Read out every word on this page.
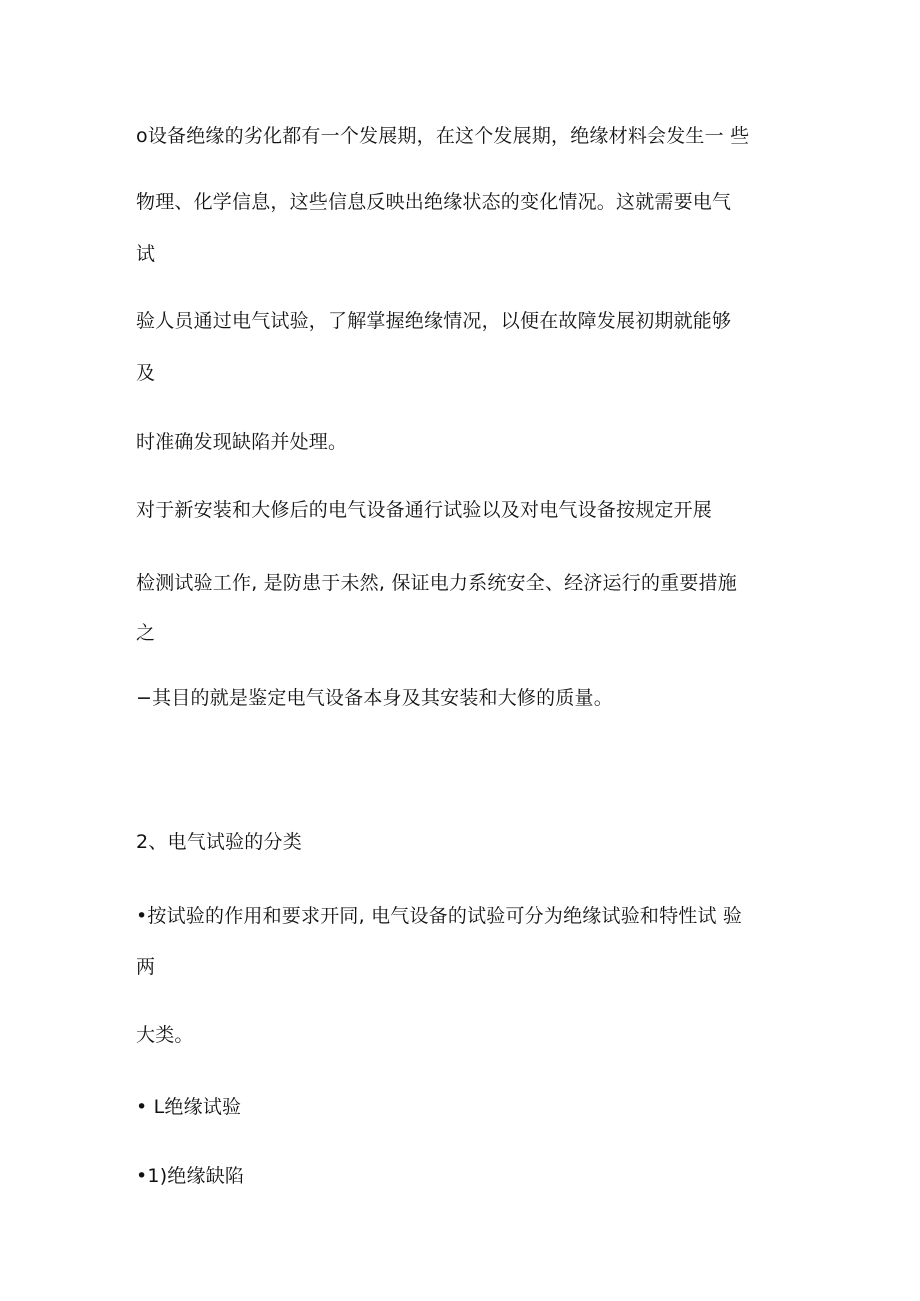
o设备绝缘的劣化都有一个发展期，在这个发展期，绝缘材料会发生一 些
物理、化学信息，这些信息反映出绝缘状态的变化情况。这就需要电气
试
验人员通过电气试验，了解掌握绝缘情况，以便在故障发展初期就能够
及
时准确发现缺陷并处理。
对于新安装和大修后的电气设备通行试验以及对电气设备按规定开展
检测试验工作, 是防患于未然, 保证电力系统安全、经济运行的重要措施
之
−其目的就是鉴定电气设备本身及其安装和大修的质量。
2、电气试验的分类
•按试验的作用和要求开同, 电气设备的试验可分为绝缘试验和特性试 验
两
大类。
• L绝缘试验
•1)绝缘缺陷
